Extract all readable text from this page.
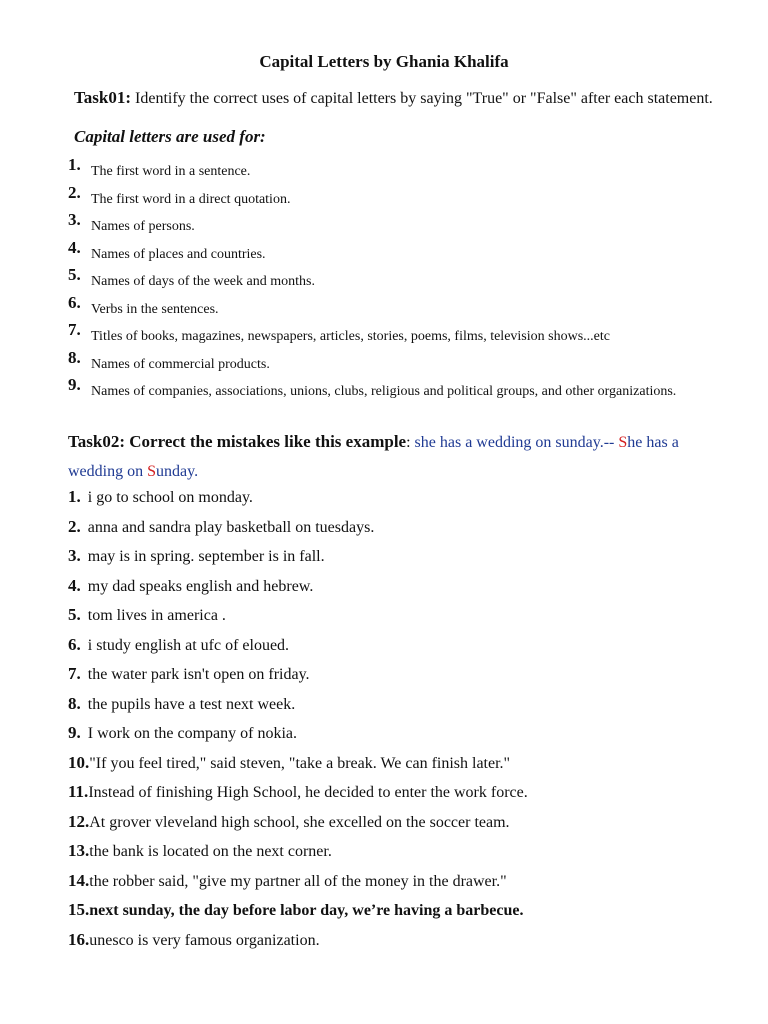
Capital Letters by Ghania Khalifa
Task01: Identify the correct uses of capital letters by saying "True" or "False" after each statement.
Capital letters are used for:
1. The first word in a sentence.
2. The first word in a direct quotation.
3. Names of persons.
4. Names of places and countries.
5. Names of days of the week and months.
6. Verbs in the sentences.
7. Titles of books, magazines, newspapers, articles, stories, poems, films, television shows...etc
8. Names of commercial products.
9. Names of companies, associations, unions, clubs, religious and political groups, and other organizations.
Task02: Correct the mistakes like this example: she has a wedding on sunday.-- She has a wedding on Sunday.
1. i go to school on monday.
2. anna and sandra play basketball on tuesdays.
3. may is in spring. september is in fall.
4. my dad speaks english and hebrew.
5. tom lives in america .
6. i study english at ufc of eloued.
7. the water park isn't open on friday.
8. the pupils have a test next week.
9. I work on the company of nokia.
10."If you feel tired," said steven, "take a break. We can finish later."
11.Instead of finishing High School, he decided to enter the work force.
12.At grover vleveland high school, she excelled on the soccer team.
13.the bank is located on the next corner.
14.the robber said, "give my partner all of the money in the drawer."
15.next sunday, the day before labor day, we’re having a barbecue.
16.unesco is very famous organization.
